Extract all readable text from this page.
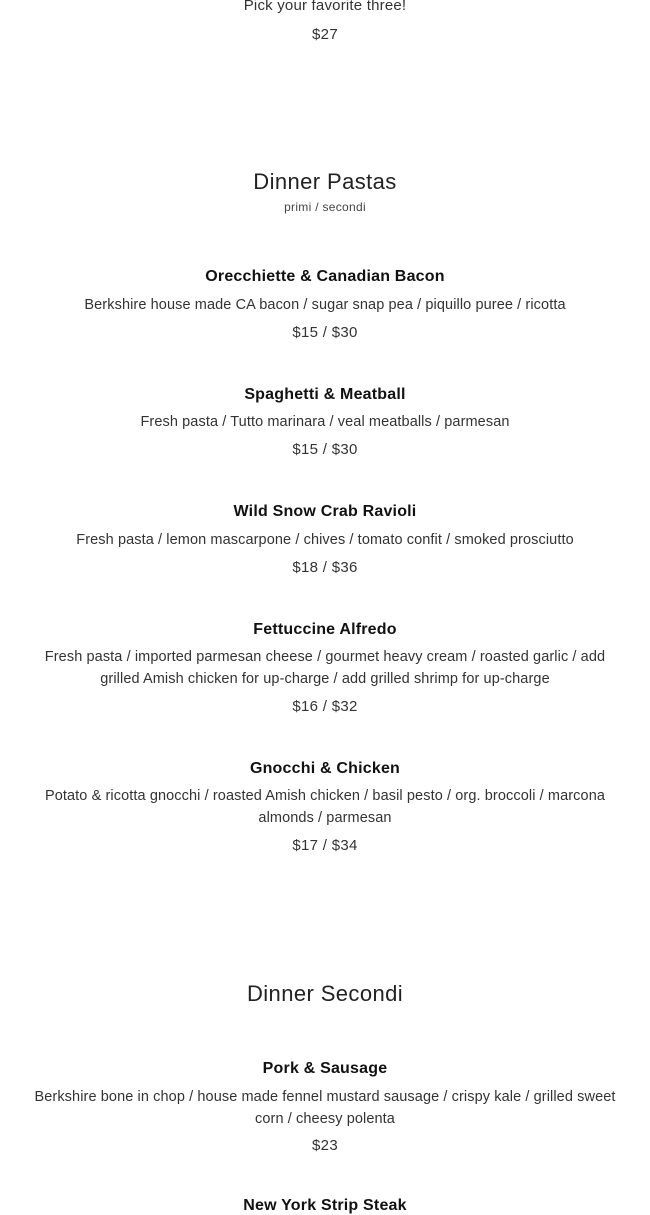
Pick your favorite three!
$27
Dinner Pastas
primi / secondi
Orecchiette & Canadian Bacon
Berkshire house made CA bacon / sugar snap pea / piquillo puree / ricotta
$15 / $30
Spaghetti & Meatball
Fresh pasta / Tutto marinara / veal meatballs / parmesan
$15 / $30
Wild Snow Crab Ravioli
Fresh pasta / lemon mascarpone / chives / tomato confit / smoked prosciutto
$18 / $36
Fettuccine Alfredo
Fresh pasta / imported parmesan cheese / gourmet heavy cream / roasted garlic / add grilled Amish chicken for up-charge / add grilled shrimp for up-charge
$16 / $32
Gnocchi & Chicken
Potato & ricotta gnocchi / roasted Amish chicken / basil pesto / org. broccoli / marcona almonds / parmesan
$17 / $34
Dinner Secondi
Pork & Sausage
Berkshire bone in chop / house made fennel mustard sausage / crispy kale / grilled sweet corn / cheesy polenta
$23
New York Strip Steak
